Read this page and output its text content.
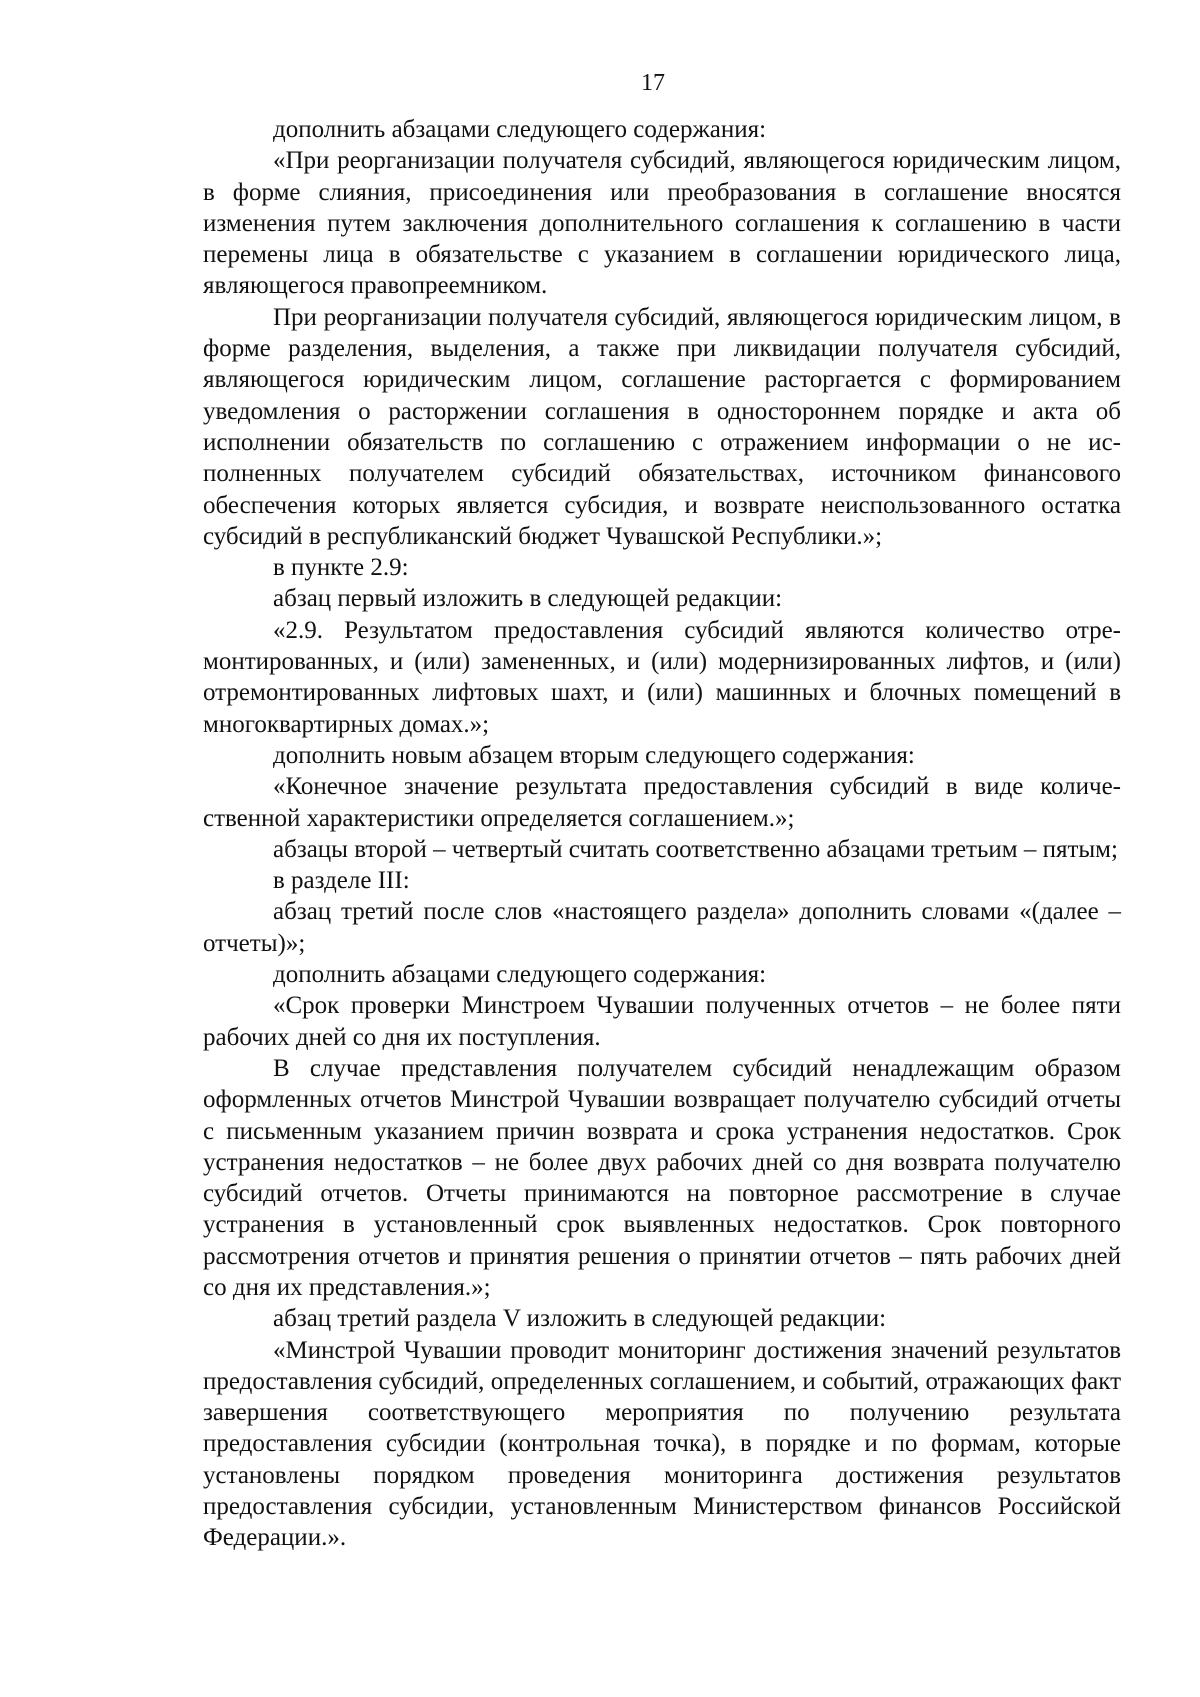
17

дополнить абзацами следующего содержания:

«При реорганизации получателя субсидий, являющегося юридическим лицом, в форме слияния, присоединения или преобразования в соглашение вносятся изменения путем заключения дополнительного соглашения к соглашению в части перемены лица в обязательстве с указанием в соглашении юридического лица, являющегося правопреемником.

При реорганизации получателя субсидий, являющегося юридическим лицом, в форме разделения, выделения, а также при ликвидации получателя субсидий, являющегося юридическим лицом, соглашение расторгается с формированием уведомления о расторжении соглашения в одностороннем порядке и акта об исполнении обязательств по соглашению с отражением информации о не исполненных получателем субсидий обязательствах, источником финансового обеспечения которых является субсидия, и возврате неиспользованного остатка субсидий в республиканский бюджет Чувашской Республики.»;

в пункте 2.9:

абзац первый изложить в следующей редакции:

«2.9. Результатом предоставления субсидий являются количество отремонтированных, и (или) замененных, и (или) модернизированных лифтов, и (или) отремонтированных лифтовых шахт, и (или) машинных и блочных помещений в многоквартирных домах.»;

дополнить новым абзацем вторым следующего содержания:

«Конечное значение результата предоставления субсидий в виде количественной характеристики определяется соглашением.»;

абзацы второй – четвертый считать соответственно абзацами третьим – пятым;

в разделе III:

абзац третий после слов «настоящего раздела» дополнить словами «(далее – отчеты)»;

дополнить абзацами следующего содержания:

«Срок проверки Минстроем Чувашии полученных отчетов – не более пяти рабочих дней со дня их поступления.

В случае представления получателем субсидий ненадлежащим образом оформленных отчетов Минстрой Чувашии возвращает получателю субсидий отчеты с письменным указанием причин возврата и срока устранения недостатков. Срок устранения недостатков – не более двух рабочих дней со дня возврата получателю субсидий отчетов. Отчеты принимаются на повторное рассмотрение в случае устранения в установленный срок выявленных недостатков. Срок повторного рассмотрения отчетов и принятия решения о принятии отчетов – пять рабочих дней со дня их представления.»;

абзац третий раздела V изложить в следующей редакции:

«Минстрой Чувашии проводит мониторинг достижения значений результатов предоставления субсидий, определенных соглашением, и событий, отражающих факт завершения соответствующего мероприятия по получению результата предоставления субсидии (контрольная точка), в порядке и по формам, которые установлены порядком проведения мониторинга достижения результатов предоставления субсидии, установленным Министерством финансов Российской Федерации.».
